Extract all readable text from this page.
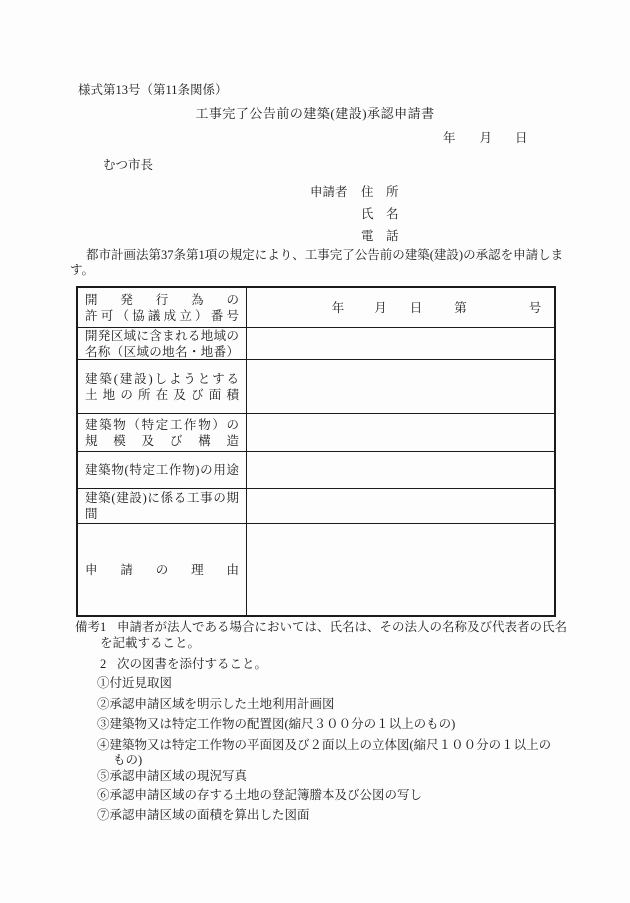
様式第13号（第11条関係）
工事完了公告前の建築(建設)承認申請書
年 月 日
むつ市長
申請者 住　所
氏　名
電　話
都市計画法第37条第1項の規定により、工事完了公告前の建築(建設)の承認を申請しま
す。
開発行為の
許可（協議成立）番号
年 月 日	第	号
開発区域に含まれる地域の
名称（区域の地名・地番）
建築(建設)しようとする
土地の所在及び面積
建築物（特定工作物）の
規模及び構造
建築物(特定工作物)の用途
建築(建設)に係る工事の期間
申請の理由
備考 1 申請者が法人である場合においては、氏名は、その法人の名称及び代表者の氏名
を記載すること。
2 次の図書を添付すること。
①付近見取図
②承認申請区域を明示した土地利用計画図
③建築物又は特定工作物の配置図(縮尺３００分の１以上のもの)
④建築物又は特定工作物の平面図及び２面以上の立体図(縮尺１００分の１以上の
もの)
⑤承認申請区域の現況写真
⑥承認申請区域の存する土地の登記簿謄本及び公図の写し
⑦承認申請区域の面積を算出した図面
